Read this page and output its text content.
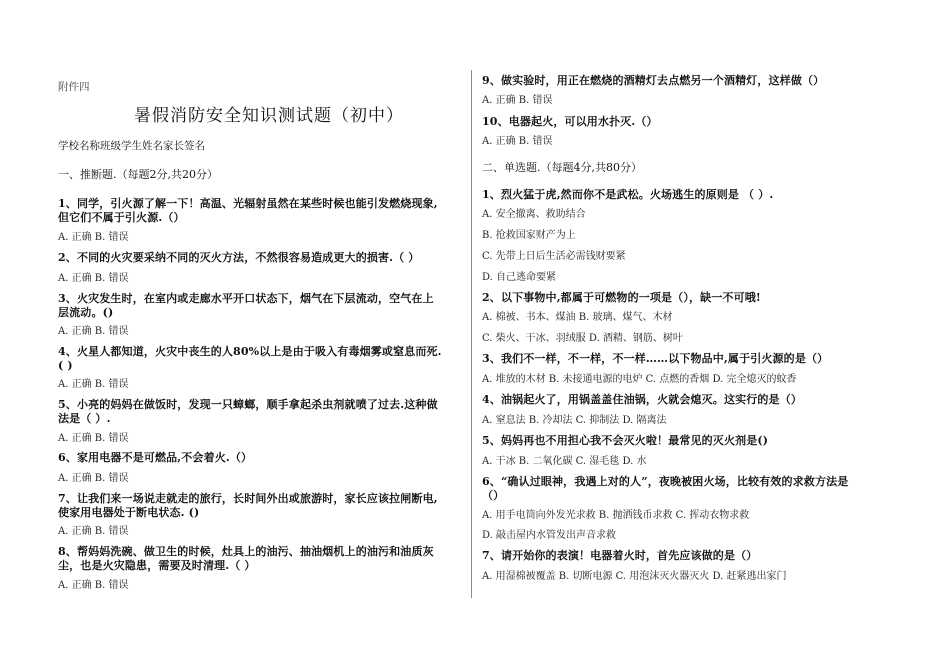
附件四
暑假消防安全知识测试题（初中）
学校名称班级学生姓名家长签名
一、推断题.（每题2分,共20分）
1、同学，引火源了解一下！高温、光辐射虽然在某些时候也能引发燃烧现象,
但它们不属于引火源.（）
A. 正确 B. 错误
2、不同的火灾要采纳不同的灭火方法，不然很容易造成更大的损害.（ ）
A. 正确 B. 错误
3、火灾发生时，在室内或走廊水平开口状态下，烟气在下层流动，空气在上
层流动。()
A. 正确 B. 错误
4、火星人都知道，火灾中丧生的人80%以上是由于吸入有毒烟雾或窒息而死.
( )
A. 正确 B. 错误
5、小亮的妈妈在做饭时，发现一只蟑螂，顺手拿起杀虫剂就喷了过去.这种做
法是（ ）.
A. 正确 B. 错误
6、家用电器不是可燃品,不会着火.（）
A. 正确 B. 错误
7、让我们来一场说走就走的旅行，长时间外出或旅游时，家长应该拉闸断电,
使家用电器处于断电状态. ()
A. 正确 B. 错误
8、帮妈妈洗碗、做卫生的时候，灶具上的油污、抽油烟机上的油污和油质灰
尘，也是火灾隐患，需要及时清理.（ ）
A. 正确 B. 错误
9、做实验时，用正在燃烧的酒精灯去点燃另一个酒精灯，这样做（）
A. 正确 B. 错误
10、电器起火，可以用水扑灭.（）
A. 正确 B. 错误
二、单选题.（每题4分,共80分）
1、烈火猛于虎,然而你不是武松。火场逃生的原则是 （ ）.
A. 安全撤离、救助结合
B. 抢救国家财产为上
C. 先带上日后生活必需钱财要紧
D. 自己逃命要紧
2、以下事物中,都属于可燃物的一项是（），缺一不可哦!
A. 棉被、书本、煤油 B. 玻璃、煤气、木材
C. 柴火、干冰、羽绒服 D. 酒精、钢筋、树叶
3、我们不一样，不一样，不一样……以下物品中,属于引火源的是（）
A. 堆放的木材 B. 未接通电源的电炉 C. 点燃的香烟 D. 完全熄灭的蚊香
4、油锅起火了，用锅盖盖住油锅，火就会熄灭。这实行的是（）
A. 窒息法 B. 冷却法 C. 抑制法 D. 隔离法
5、妈妈再也不用担心我不会灭火啦！最常见的灭火剂是()
A. 干冰 B. 二氧化碳 C. 湿毛毯 D. 水
6、“确认过眼神，我遇上对的人”，夜晚被困火场，比较有效的求救方法是
（）
A. 用手电筒向外发光求救 B. 抛洒钱币求救 C. 挥动衣物求救
D. 敲击屋内水管发出声音求救
7、请开始你的表演！电器着火时，首先应该做的是（）
A. 用湿棉被覆盖 B. 切断电源 C. 用泡沫灭火器灭火 D. 赶紧逃出家门
